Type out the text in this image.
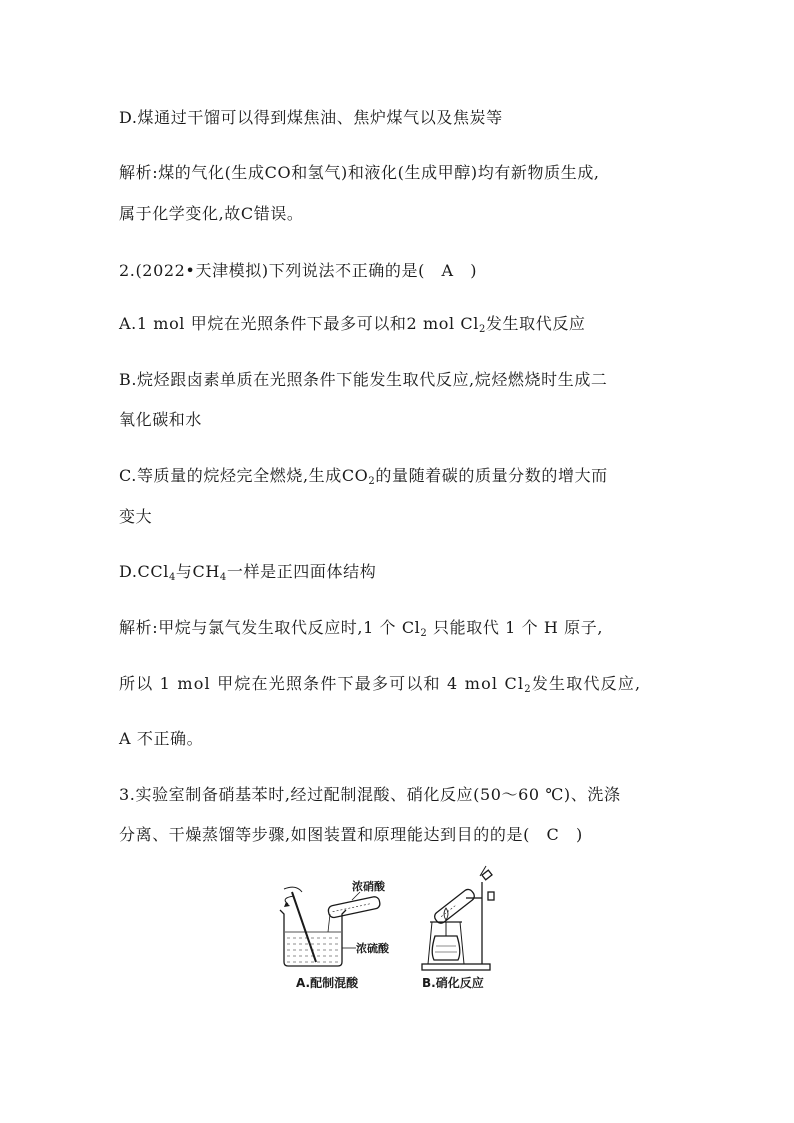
D.煤通过干馏可以得到煤焦油、焦炉煤气以及焦炭等
解析:煤的气化(生成CO和氢气)和液化(生成甲醇)均有新物质生成,
属于化学变化,故C错误。
2.(2022•天津模拟)下列说法不正确的是(　A　)
A.1 mol 甲烷在光照条件下最多可以和2 mol $Cl_2$发生取代反应
B.烷烃跟卤素单质在光照条件下能发生取代反应,烷烃燃烧时生成二
氧化碳和水
C.等质量的烷烃完全燃烧,生成$CO_2$的量随着碳的质量分数的增大而
变大
D.CCl$_4$与$CH_4$一样是正四面体结构
解析:甲烷与氯气发生取代反应时,1 个 $Cl_2$ 只能取代 1 个 H 原子,
所以 1 mol 甲烷在光照条件下最多可以和 4 mol $Cl_2$发生取代反应,
A 不正确。
3.实验室制备硝基苯时,经过配制混酸、硝化反应(50～60 ℃)、洗涤
分离、干燥蒸馏等步骤,如图装置和原理能达到目的的是(　C　)
浓硝酸
浓硫酸
A.配制混酸	B.硝化反应
